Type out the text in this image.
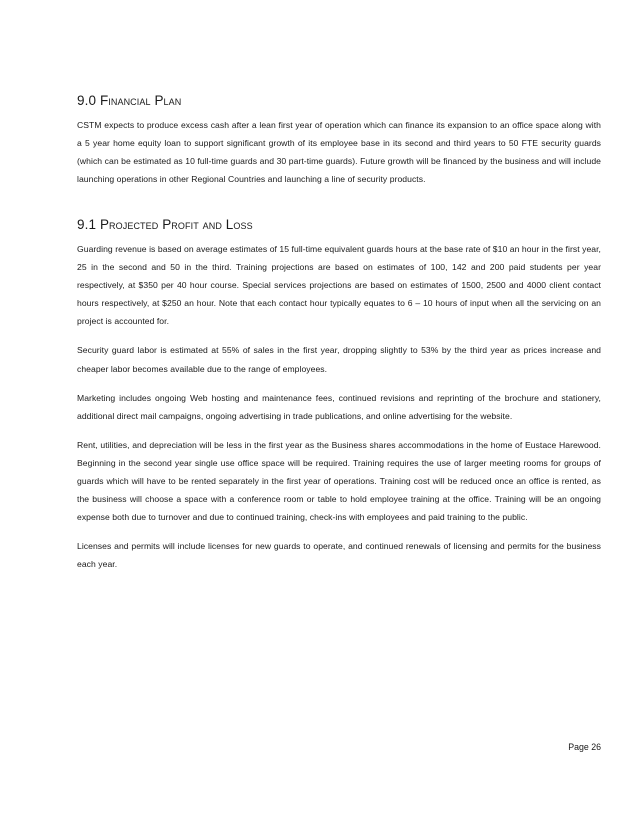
9.0 Financial Plan

CSTM expects to produce excess cash after a lean first year of operation which can finance its expansion to an office space along with a 5 year home equity loan to support significant growth of its employee base in its second and third years to 50 FTE security guards (which can be estimated as 10 full-time guards and 30 part-time guards). Future growth will be financed by the business and will include launching operations in other Regional Countries and launching a line of security products.

9.1 Projected Profit and Loss

Guarding revenue is based on average estimates of 15 full-time equivalent guards hours at the base rate of $10 an hour in the first year, 25 in the second and 50 in the third. Training projections are based on estimates of 100, 142 and 200 paid students per year respectively, at $350 per 40 hour course. Special services projections are based on estimates of 1500, 2500 and 4000 client contact hours respectively, at $250 an hour. Note that each contact hour typically equates to 6 – 10 hours of input when all the servicing on an project is accounted for.

Security guard labor is estimated at 55% of sales in the first year, dropping slightly to 53% by the third year as prices increase and cheaper labor becomes available due to the range of employees.

Marketing includes ongoing Web hosting and maintenance fees, continued revisions and reprinting of the brochure and stationery, additional direct mail campaigns, ongoing advertising in trade publications, and online advertising for the website.

Rent, utilities, and depreciation will be less in the first year as the Business shares accommodations in the home of Eustace Harewood. Beginning in the second year single use office space will be required. Training requires the use of larger meeting rooms for groups of guards which will have to be rented separately in the first year of operations. Training cost will be reduced once an office is rented, as the business will choose a space with a conference room or table to hold employee training at the office. Training will be an ongoing expense both due to turnover and due to continued training, check-ins with employees and paid training to the public.

Licenses and permits will include licenses for new guards to operate, and continued renewals of licensing and permits for the business each year.

Page 26
